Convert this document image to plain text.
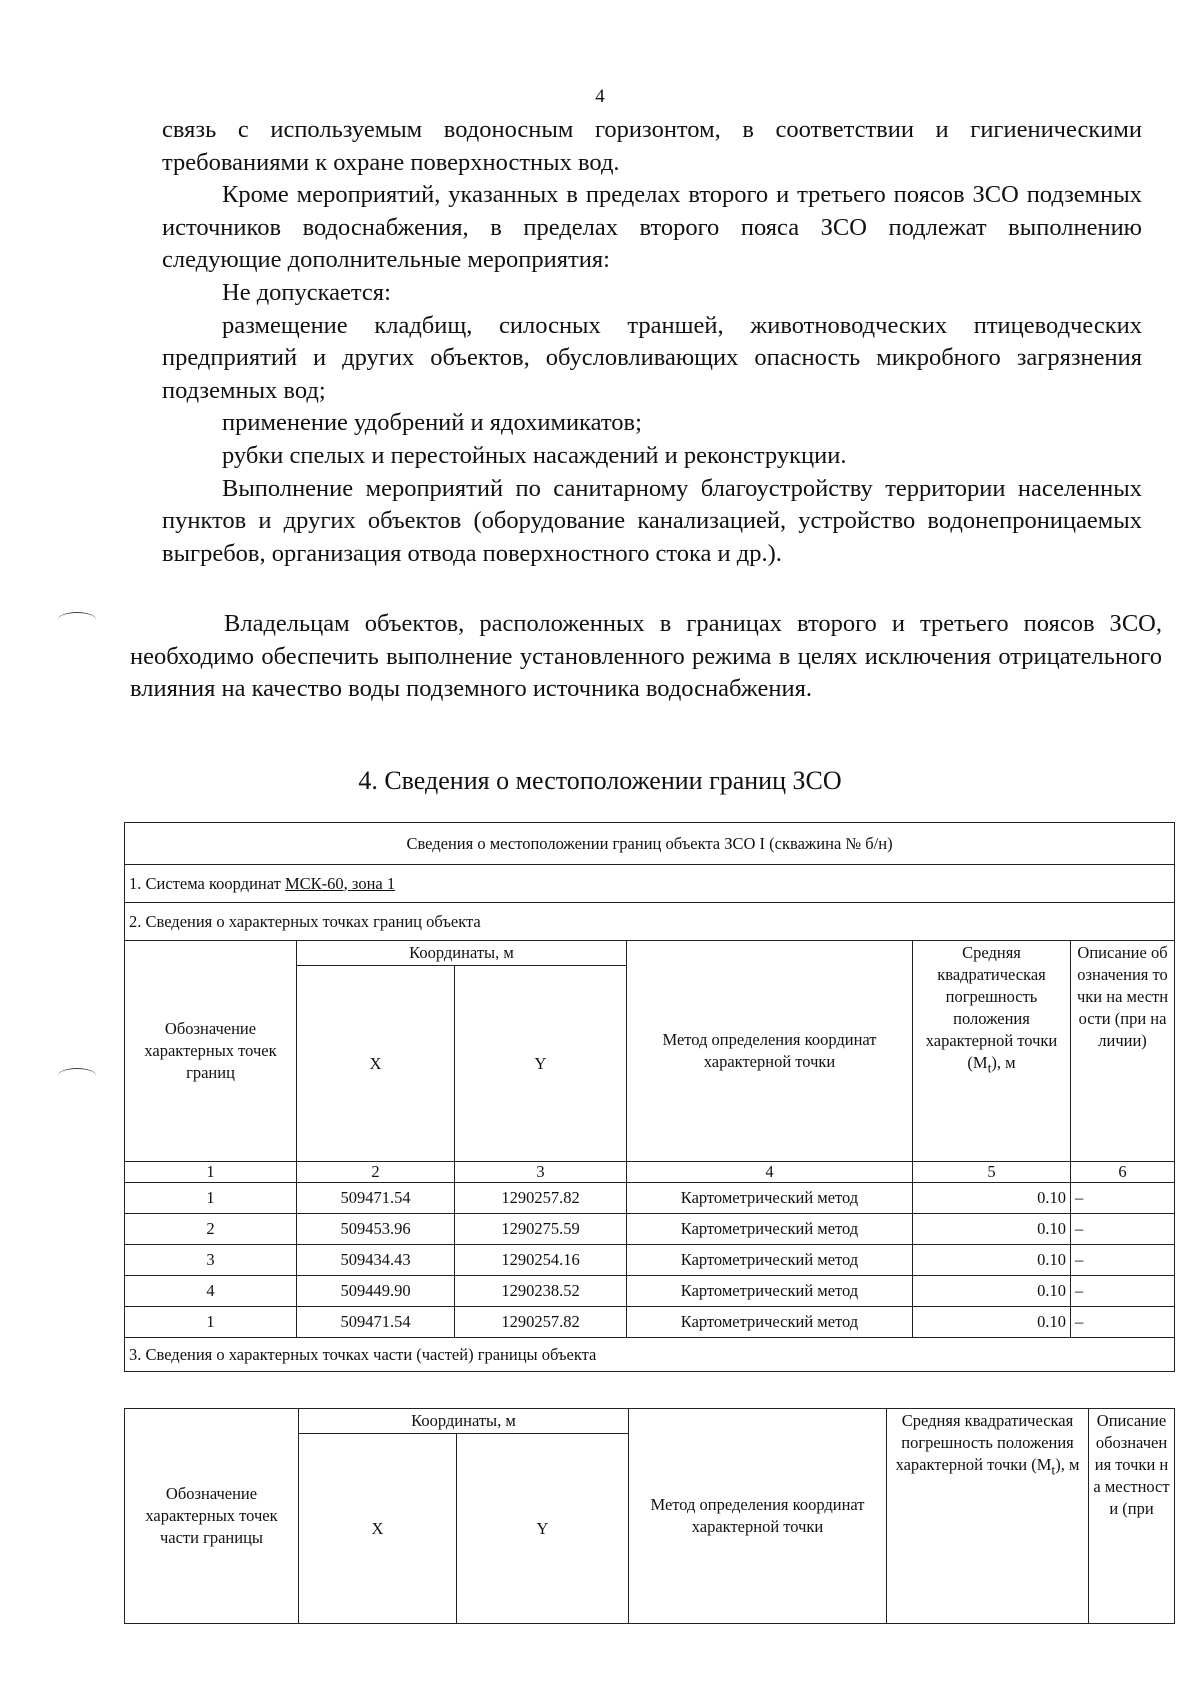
4

связь с используемым водоносным горизонтом, в соответствии и гигиеническими требованиями к охране поверхностных вод.

Кроме мероприятий, указанных в пределах второго и третьего поясов ЗСО подземных источников водоснабжения, в пределах второго пояса ЗСО подлежат выполнению следующие дополнительные мероприятия:

Не допускается:

размещение кладбищ, силосных траншей, животноводческих птицеводческих предприятий и других объектов, обусловливающих опасность микробного загрязнения подземных вод;

применение удобрений и ядохимикатов;

рубки спелых и перестойных насаждений и реконструкции.

Выполнение мероприятий по санитарному благоустройству территории населенных пунктов и других объектов (оборудование канализацией, устройство водонепроницаемых выгребов, организация отвода поверхностного стока и др.).

Владельцам объектов, расположенных в границах второго и третьего поясов ЗСО, необходимо обеспечить выполнение установленного режима в целях исключения отрицательного влияния на качество воды подземного источника водоснабжения.

4. Сведения о местоположении границ ЗСО
Сведения о местоположении границ объекта ЗСО I (скважина № б/н)					
1. Система координат МСК-60, зона 1					
2. Сведения о характерных точках границ объекта					
Обозначение характерных точек границ	Координаты, м		Метод определения координат характерной точки	Средняя квадратическая погрешность положения характерной точки $(M_t)$, м	Описание обозначения точки на местности (при наличии)
	X	Y			
1	2	3	4	5	6
1	509471.54	1290257.82	Картометрический метод	0.10	–
2	509453.96	1290275.59	Картометрический метод	0.10	–
3	509434.43	1290254.16	Картометрический метод	0.10	–
4	509449.90	1290238.52	Картометрический метод	0.10	–
1	509471.54	1290257.82	Картометрический метод	0.10	–
3. Сведения о характерных точках части (частей) границы объекта					
Обозначение характерных точек части границы	Координаты, м		Метод определения координат характерной точки	Средняя квадратическая погрешность положения характерной точки $(M_t)$, м	Описание обозначения точки на местности (при
	X	Y			
